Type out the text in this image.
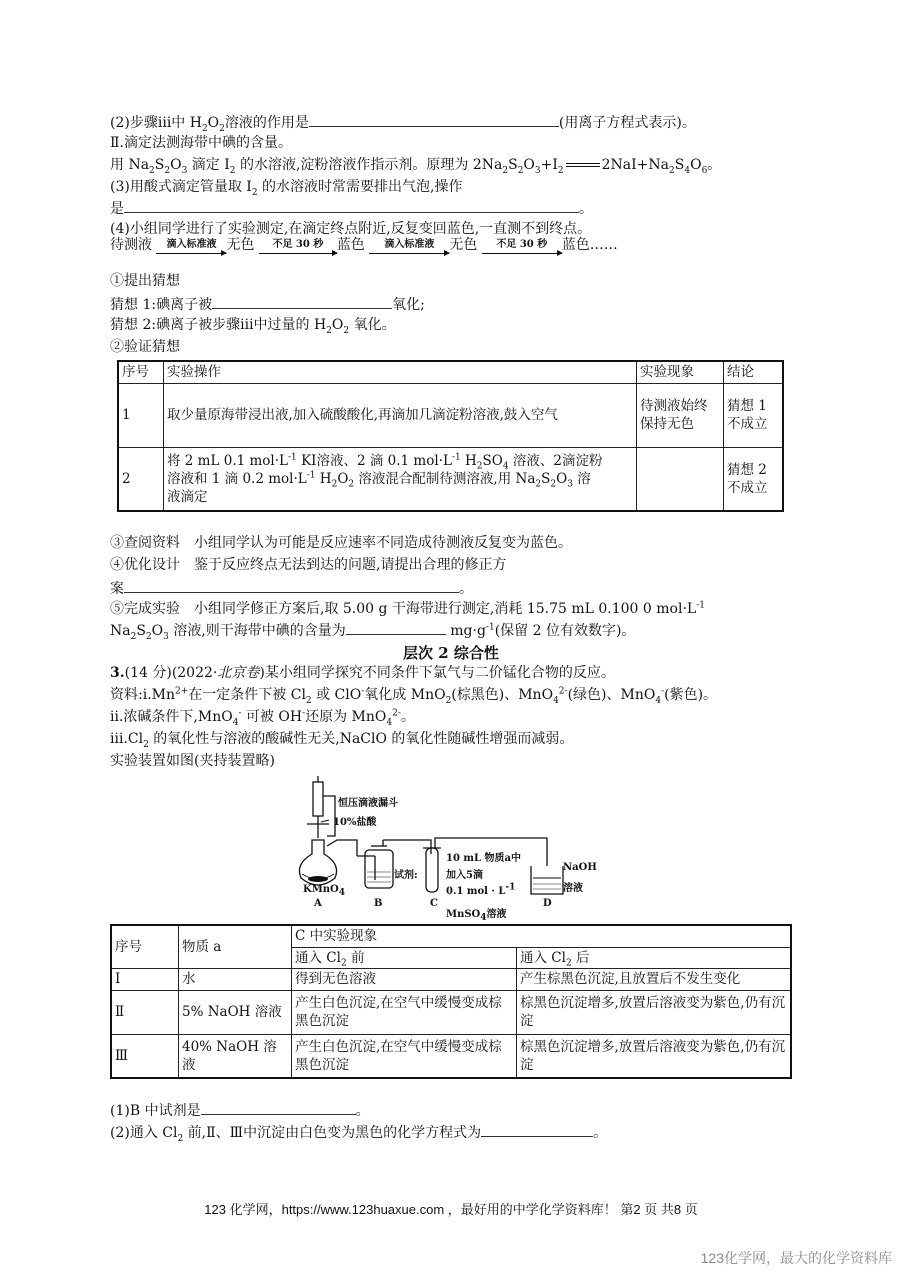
(2)步骤ⅲ中 $H_2O_2$溶液的作用是	(用离子方程式表示)。
Ⅱ.滴定法测海带中碘的含量。
用 $Na_2S_2O_3$ 滴定 $I_2$ 的水溶液,淀粉溶液作指示剂。原理为 $2Na_2S_2O_3+I_2$	$2NaI+Na_2S_4O_6$。
(3)用酸式滴定管量取 $I_2$ 的水溶液时常需要排出气泡,操作
是	。
(4)小组同学进行了实验测定,在滴定终点附近,反复变回蓝色,一直测不到终点。
待测液	滴入标准液 无色	不足 30 秒 蓝色	滴入标准液	无色	不足 30 秒	蓝色……
①提出猜想
猜想 1:碘离子被	氧化;
猜想 2:碘离子被步骤ⅲ中过量的 $H_2O_2$ 氧化。
②验证猜想
序号	实验操作	实验现象	结论
1	取少量原海带浸出液,加入硫酸酸化,再滴加几滴淀粉溶液,鼓入空气	待测液始终保持无色	猜想 1 不成立
2	将 2 mL 0.1 $mol\cdot L^{-1}$ KI溶液、2 滴 0.1 $mol\cdot L^{-1}$ $H_2SO_4$ 溶液、2滴淀粉
溶液和 1 滴 0.2 $mol\cdot L^{-1}$ $H_2O_2$ 溶液混合配制待测溶液,用 $Na_2S_2O_3$ 溶
液滴定		猜想 2 不成立
③查阅资料　小组同学认为可能是反应速率不同造成待测液反复变为蓝色。
④优化设计　鉴于反应终点无法到达的问题,请提出合理的修正方
案	。
⑤完成实验　小组同学修正方案后,取 5.00 g 干海带进行测定,消耗 15.75 mL 0.100 0 $mol\cdot L^{-1}$
$Na_2S_2O_3$ 溶液,则干海带中碘的含量为	$mg\cdot g^{-1}$(保留 2 位有效数字)。
层次 2 综合性
3.(14 分)(2022·北京卷)某小组同学探究不同条件下氯气与二价锰化合物的反应。
资料$:ⅰ.Mn^{2+}$在一定条件下被 $Cl_2$ 或 ClO-氧化成 MnO$_2$(棕黑色)、MnO$_4^{2-}$(绿色)、MnO$_4$-(紫色)。
ⅱ.浓碱条件下,MnO$_4$- 可被 OH-还原为 MnO$_4^{2-}$。
$ⅲ.Cl_2$ 的氧化性与溶液的酸碱性无关,NaClO 的氧化性随碱性增强而减弱。
实验装置如图(夹持装置略)
恒压滴液漏斗
10%盐酸
KMnO$_4$
试剂:
10 mL 物质a中
加入5滴
0.1 mol · $L^{-1}$
MnSO$_4$溶液
NaOH
溶液
A	B	C	D
序号	物质 a	C 中实验现象	
		通入 $Cl_2$ 前	通入 $Cl_2$ 后
Ⅰ	水	得到无色溶液	产生棕黑色沉淀,且放置后不发生变化
Ⅱ	5% NaOH 溶液	产生白色沉淀,在空气中缓慢变成棕黑色沉淀	棕黑色沉淀增多,放置后溶液变为紫色,仍有沉淀
Ⅲ	40% NaOH 溶液	产生白色沉淀,在空气中缓慢变成棕黑色沉淀	棕黑色沉淀增多,放置后溶液变为紫色,仍有沉淀
(1)B 中试剂是	。
(2)通入 $Cl_2$ 前,Ⅱ、Ⅲ中沉淀由白色变为黑色的化学方程式为	。
123 化学网，https://www.123huaxue.com ，最好用的中学化学资料库！ 第2 页 共8 页
123化学网，最大的化学资料库
